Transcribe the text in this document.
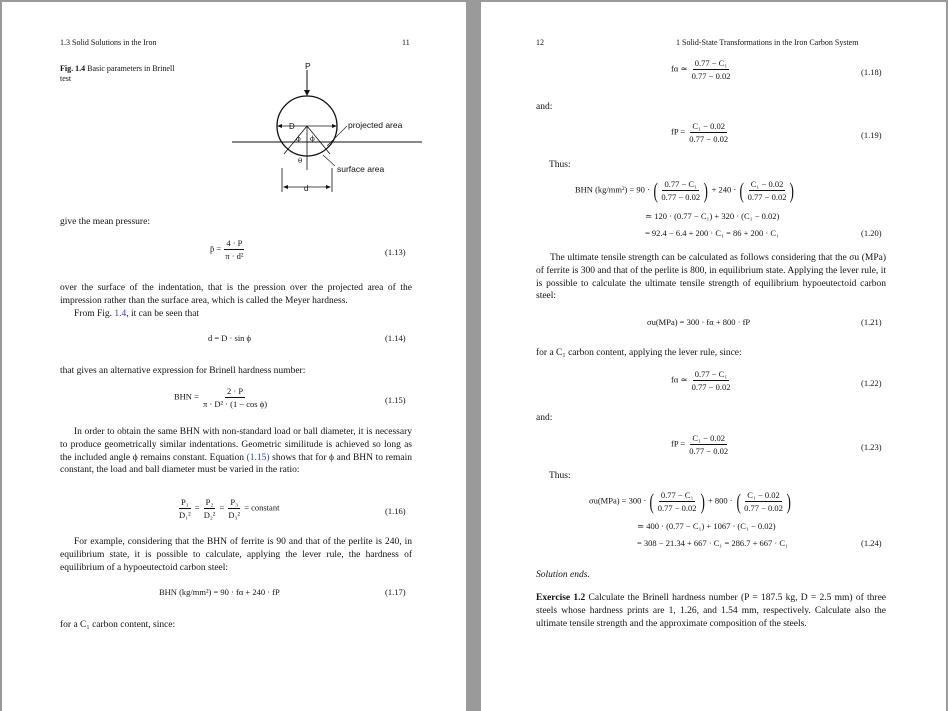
1.3 Solid Solutions in the Iron	11
Fig. 1.4 Basic parameters in Brinell test
P
D
ϕ ϕ
θ
d
projected area
surface area
give the mean pressure:
p̄ = $\frac{4 \cdot P}{\text{π · d²}}$	(1.13)
over the surface of the indentation, that is the pression over the projected area of the impression rather than the surface area, which is called the Meyer hardness.
From Fig. 1.4, it can be seen that
d = D · sin ϕ	(1.14)
that gives an alternative expression for Brinell hardness number:
BHN = $\frac{2 \cdot P}{\text{π · D² · (1 − cos ϕ)}}$	(1.15)
In order to obtain the same BHN with non-standard load or ball diameter, it is necessary to produce geometrically similar indentations. Geometric similitude is achieved so long as the included angle ϕ remains constant. Equation (1.15) shows that for ϕ and BHN to remain constant, the load and ball diameter must be varied in the ratio:
$\frac{\text{P₁}}{\text{D₁²}} = \frac{\text{P₂}}{\text{D₂²}} = \frac{\text{P₃}}{\text{D₃²}}$ = constant	(1.16)
For example, considering that the BHN of ferrite is 90 and that of the perlite is 240, in equilibrium state, it is possible to calculate, applying the lever rule, the hardness of equilibrium of a hypoeutectoid carbon steel:
BHN (kg/mm²) = 90 · fα + 240 · fP	(1.17)
for a C₁ carbon content, since:
12	1 Solid-State Transformations in the Iron Carbon System
fα ≃ $\frac{\text{0.77 − C₁}}{0.77 - 0.02}$	(1.18)
and:
fP = $\frac{\text{C₁ − 0.02}}{0.77 - 0.02}$	(1.19)
Thus:
BHN (kg/mm²) = 90 · ( $\frac{\text{0.77 − C₁}}{0.77 - 0.02}$ ) + 240 · ( $\frac{\text{C₁ − 0.02}}{0.77 - 0.02}$ )
≃ 120 · (0.77 − C₁) + 320 · (C₁ − 0.02)
= 92.4 − 6.4 + 200 · C₁ = 86 + 200 · C₁	(1.20)
The ultimate tensile strength can be calculated as follows considering that the σu (MPa) of ferrite is 300 and that of the perlite is 800, in equilibrium state. Applying the lever rule, it is possible to calculate the ultimate tensile strength of equilibrium hypoeutectoid carbon steel:
σu(MPa) = 300 · fα + 800 · fP	(1.21)
for a C₁ carbon content, applying the lever rule, since:
fα ≃ $\frac{\text{0.77 − C₁}}{0.77 - 0.02}$	(1.22)
and:
fP = $\frac{\text{C₁ − 0.02}}{0.77 - 0.02}$	(1.23)
Thus:
σu(MPa) = 300 · ( $\frac{\text{0.77 − C₁}}{0.77 - 0.02}$ ) + 800 · ( $\frac{\text{C₁ − 0.02}}{0.77 - 0.02}$ )
≃ 400 · (0.77 − C₁) + 1067 · (C₁ − 0.02)
= 308 − 21.34 + 667 · C₁ = 286.7 + 667 · C₁	(1.24)
Solution ends.
Exercise 1.2 Calculate the Brinell hardness number (P = 187.5 kg, D = 2.5 mm) of three steels whose hardness prints are 1, 1.26, and 1.54 mm, respectively. Calculate also the ultimate tensile strength and the approximate composition of the steels.
